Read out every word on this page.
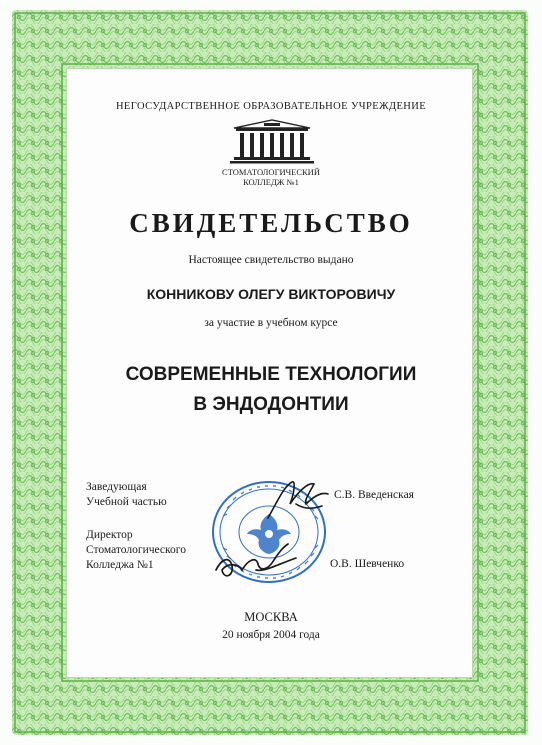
НЕГОСУДАРСТВЕННОЕ ОБРАЗОВАТЕЛЬНОЕ УЧРЕЖДЕНИЕ
СТОМАТОЛОГИЧЕСКИЙ
КОЛЛЕДЖ №1
СВИДЕТЕЛЬСТВО
Настоящее свидетельство выдано
КОННИКОВУ ОЛЕГУ ВИКТОРОВИЧУ
за участие в учебном курсе
СОВРЕМЕННЫЕ ТЕХНОЛОГИИ
В ЭНДОДОНТИИ
Заведующая
Учебной частью
С.В. Введенская
Директор
Стоматологического
Колледжа №1	О.В. Шевченко
МОСКВА
20 ноября 2004 года
